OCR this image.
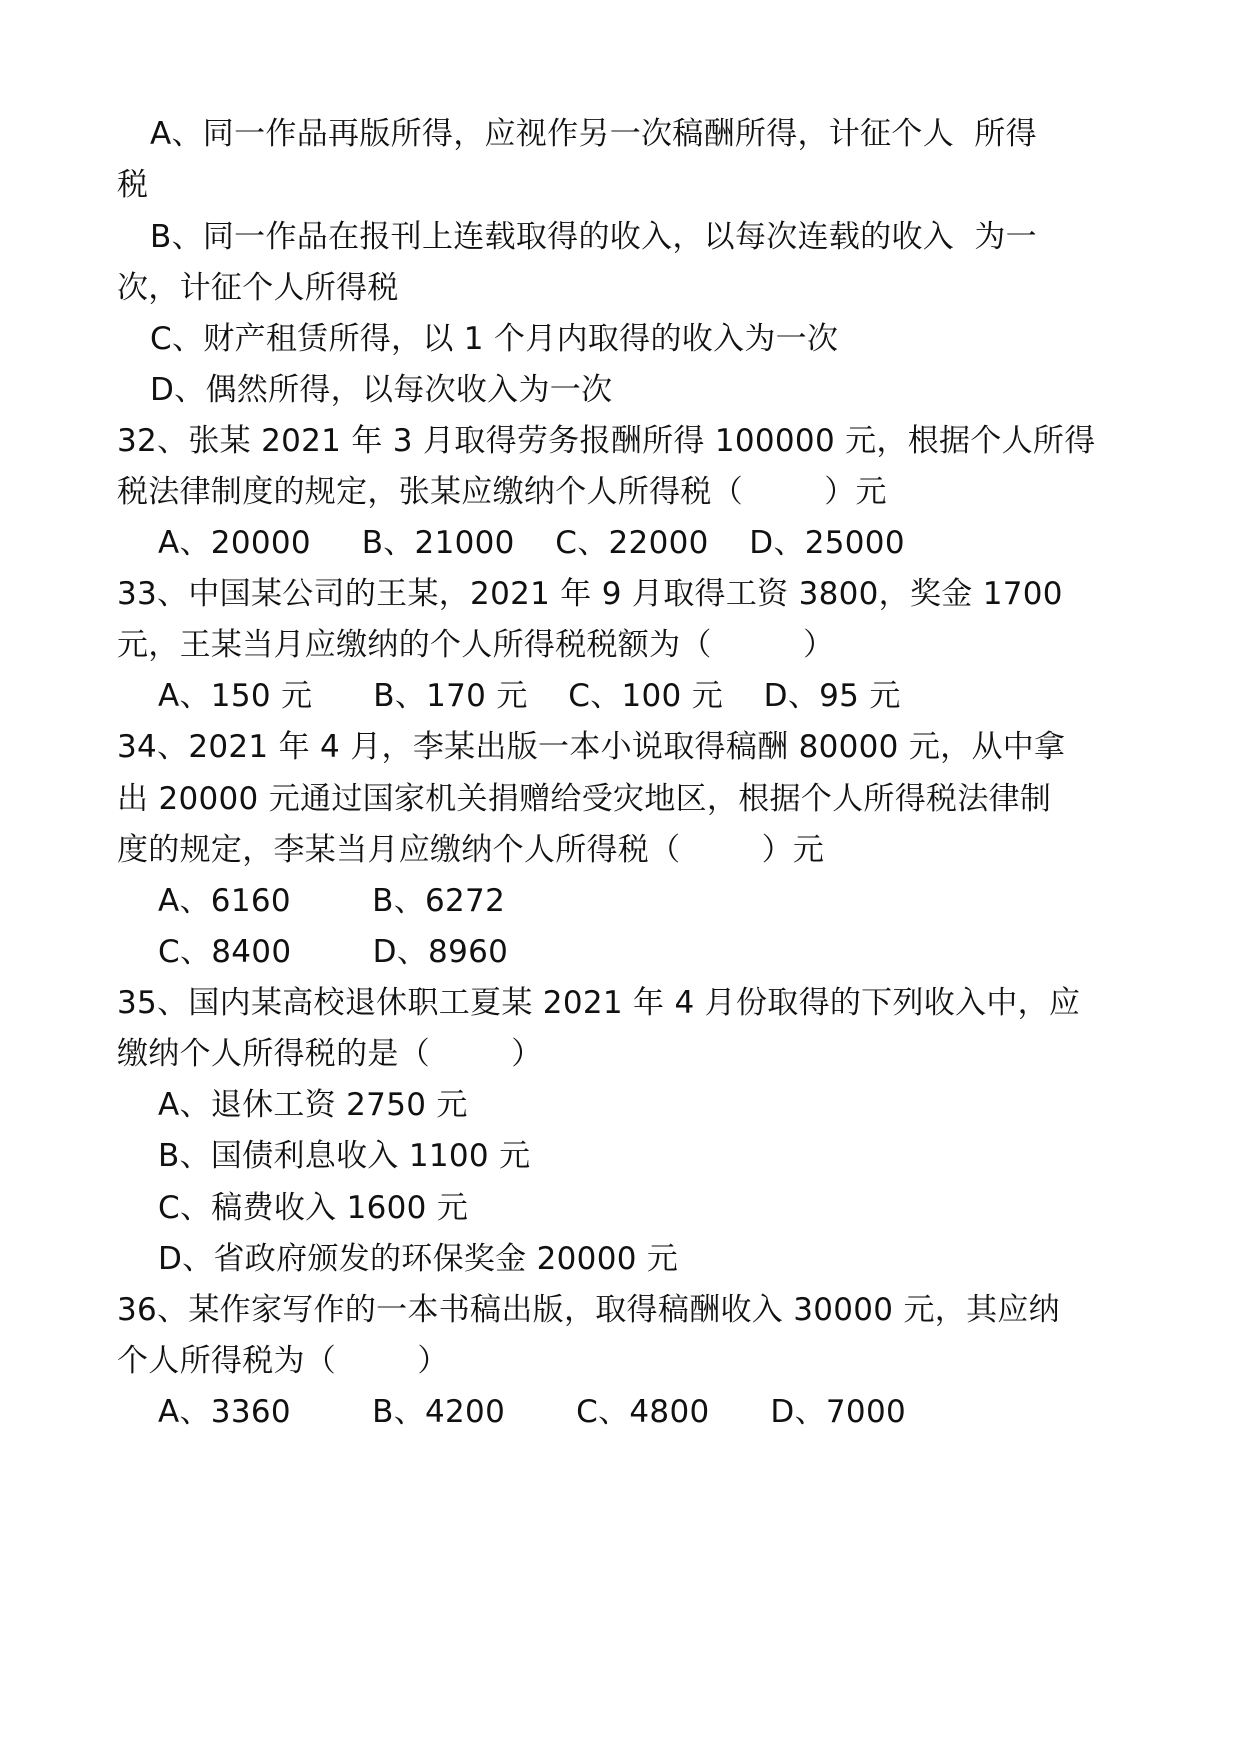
A、同一作品再版所得，应视作另一次稿酬所得，计征个人  所得
税
B、同一作品在报刊上连载取得的收入，以每次连载的收入  为一
次，计征个人所得税
C、财产租赁所得，以 1 个月内取得的收入为一次
D、偶然所得，以每次收入为一次
32、张某 2021 年 3 月取得劳务报酬所得 100000 元，根据个人所得
税法律制度的规定，张某应缴纳个人所得税（        ）元
A、20000     B、21000    C、22000    D、25000
33、中国某公司的王某，2021 年 9 月取得工资 3800，奖金 1700
元，王某当月应缴纳的个人所得税税额为（         ）
A、150 元      B、170 元    C、100 元    D、95 元
34、2021 年 4 月，李某出版一本小说取得稿酬 80000 元，从中拿
出 20000 元通过国家机关捐赠给受灾地区，根据个人所得税法律制
度的规定，李某当月应缴纳个人所得税（        ）元
A、6160        B、6272
C、8400        D、8960
35、国内某高校退休职工夏某 2021 年 4 月份取得的下列收入中，应
缴纳个人所得税的是（        ）
A、退休工资 2750 元
B、国债利息收入 1100 元
C、稿费收入 1600 元
D、省政府颁发的环保奖金 20000 元
36、某作家写作的一本书稿出版，取得稿酬收入 30000 元，其应纳
个人所得税为（        ）
A、3360        B、4200       C、4800      D、7000
